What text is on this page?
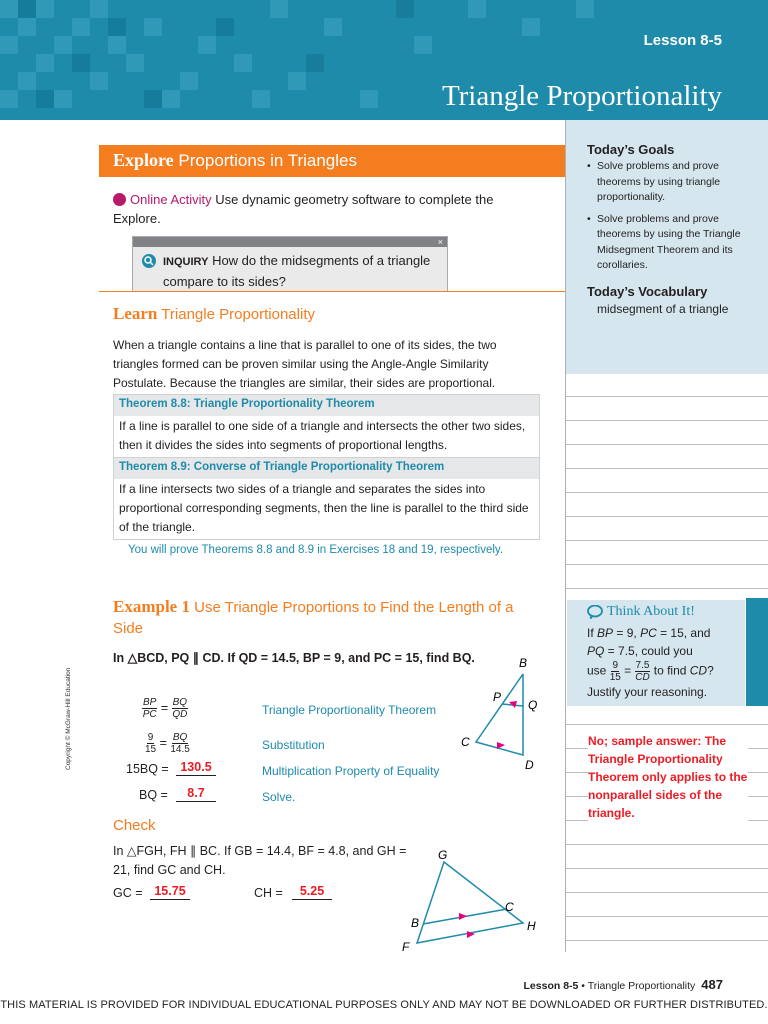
Lesson 8-5
Triangle Proportionality
Today’s Goals
• Solve problems and prove theorems by using triangle proportionality.
• Solve problems and prove theorems by using the Triangle Midsegment Theorem and its corollaries.
Today’s Vocabulary
midsegment of a triangle
Think About It!
If BP = 9, PC = 15, and
PQ = 7.5, could you
use $\frac{9}{15} = \frac{7.5}{CD}$ to find CD?
Justify your reasoning.
No; sample answer: The Triangle Proportionality Theorem only applies to the nonparallel sides of the triangle.
Explore Proportions in Triangles
Online Activity Use dynamic geometry software to complete the Explore.
×
INQUIRY How do the midsegments of a triangle compare to its sides?
Learn Triangle Proportionality
When a triangle contains a line that is parallel to one of its sides, the two triangles formed can be proven similar using the Angle-Angle Similarity Postulate. Because the triangles are similar, their sides are proportional.
Theorem 8.8: Triangle Proportionality Theorem
If a line is parallel to one side of a triangle and intersects the other two sides, then it divides the sides into segments of proportional lengths.
Theorem 8.9: Converse of Triangle Proportionality Theorem
If a line intersects two sides of a triangle and separates the sides into proportional corresponding segments, then the line is parallel to the third side of the triangle.
You will prove Theorems 8.8 and 8.9 in Exercises 18 and 19, respectively.
Example 1 Use Triangle Proportions to Find the Length of a Side
In △BCD, PQ ∥ CD. If QD = 14.5, BP = 9, and PC = 15, find BQ.
$\frac{BP}{PC} = \frac{BQ}{QD}$	Triangle Proportionality Theorem
$\frac{9}{15} = \frac{BQ}{14.5}$	Substitution
15BQ = 130.5	Multiplication Property of Equality
BQ =	8.7	Solve.
B
P
Q
C
D
Check
In △FGH, FH ∥ BC. If GB = 14.4, BF = 4.8, and GH = 21, find GC and CH.
GC = 15.75	CH =	5.25
G
C
B	H
F
Copyright © McGraw-Hill Education
Lesson 8-5 • Triangle Proportionality 487
THIS MATERIAL IS PROVIDED FOR INDIVIDUAL EDUCATIONAL PURPOSES ONLY AND MAY NOT BE DOWNLOADED OR FURTHER DISTRIBUTED.
